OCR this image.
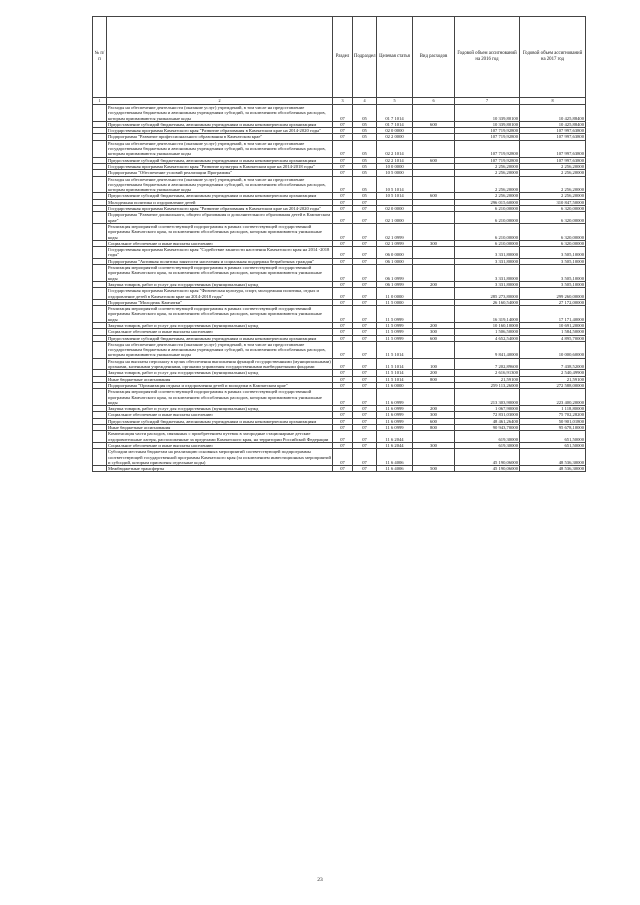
№ п/п		Раздел	Подраздел	Целевая статья	Вид расходов	Годовой объем ассигнований на 2016 год	Годовой объем ассигнований на 2017 год
1	2	3	4	5	6	7	8
	Расходы на обеспечение деятельности (оказание услуг) учреждений, в том числе на предоставление государственным бюджетным и автономным учреждениям субсидий, за исключением обособленных расходов, которым присваиваются уникальные коды	07	05	01 7 1014		10 339,80100	10 425,88400
	Предоставление субсидий бюджетным, автономным учреждениям и иным некоммерческим организациям	07	05	01 7 1014	600	10 339,80100	10 425,88400
	Государственная программа Камчатского края "Развитие образования в Камчатском крае на 2014-2020 годы"	07	05	02 0 0000		107 719,92800	107 997,63800
	Подпрограмма "Развитие профессионального образования в Камчатском крае"	07	05	02 2 0000		107 719,92800	107 997,63800
	Расходы на обеспечение деятельности (оказание услуг) учреждений, в том числе на предоставление государственным бюджетным и автономным учреждениям субсидий, за исключением обособленных расходов, которым присваиваются уникальные коды	07	05	02 2 1014		107 719,92800	107 997,63800
	Предоставление субсидий бюджетным, автономным учреждениям и иным некоммерческим организациям	07	05	02 2 1014	600	107 719,92800	107 997,63800
	Государственная программа Камчатского края "Развитие культуры в Камчатском крае на 2014-2018 годы"	07	05	10 0 0000		2 256,20000	2 256,20000
	Подпрограмма "Обеспечение условий реализации Программы"	07	05	10 5 0000		2 256,20000	2 256,20000
	Расходы на обеспечение деятельности (оказание услуг) учреждений, в том числе на предоставление государственным бюджетным и автономным учреждениям субсидий, за исключением обособленных расходов, которым присваиваются уникальные коды	07	05	10 5 1014		2 256,20000	2 256,20000
	Предоставление субсидий бюджетным, автономным учреждениям и иным некоммерческим организациям	07	05	10 5 1014	600	2 256,20000	2 256,20000
	Молодежная политика и оздоровление детей	07	07			296 015,60000	310 847,50000
	Государственная программа Камчатского края "Развитие образования в Камчатском крае на 2014-2020 годы"	07	07	02 0 0000		6 210,00000	6 320,00000
	Подпрограмма "Развитие дошкольного, общего образования и дополнительного образования детей в Камчатском крае"	07	07	02 1 0000		6 210,00000	6 320,00000
	Реализация мероприятий соответствующей подпрограммы в рамках соответствующей государственной программы Камчатского края, за исключением обособленных расходов, которым присваиваются уникальные коды	07	07	02 1 0999		6 210,00000	6 320,00000
	Социальное обеспечение и иные выплаты населению	07	07	02 1 0999	300	6 210,00000	6 320,00000
	Государственная программа Камчатского края "Содействие занятости населения Камчатского края на 2014 -2018 годы"	07	07	06 0 0000		3 331,80000	3 505,10000
	Подпрограмма "Активная политика занятости населения и социальная поддержка безработных граждан"	07	07	06 1 0000		3 331,80000	3 505,10000
	Реализация мероприятий соответствующей подпрограммы в рамках соответствующей государственной программы Камчатского края, за исключением обособленных расходов, которым присваиваются уникальные коды	07	07	06 1 0999		3 331,80000	3 505,10000
	Закупка товаров, работ и услуг для государственных (муниципальных) нужд	07	07	06 1 0999	200	3 331,80000	3 505,10000
	Государственная программа Камчатского края "Физическая культура, спорт, молодежная политика, отдых и оздоровление детей в Камчатском крае на 2014-2018 годы"	07	07	11 0 0000		285 273,80000	299 260,00000
	Подпрограмма "Молодежь Камчатки"	07	07	11 5 0000		26 160,54000	27 172,00000
	Реализация мероприятий соответствующей подпрограммы в рамках соответствующей государственной программы Камчатского края, за исключением обособленных расходов, которым присваиваются уникальные коды	07	07	11 5 0999		16 319,14000	17 171,40000
	Закупка товаров, работ и услуг для государственных (муниципальных) нужд	07	07	11 5 0999	200	10 160,10000	10 691,20000
	Социальное обеспечение и иные выплаты населению	07	07	11 5 0999	300	1 506,50000	1 584,50000
	Предоставление субсидий бюджетным, автономным учреждениям и иным некоммерческим организациям	07	07	11 5 0999	600	4 652,54000	4 895,70000
	Расходы на обеспечение деятельности (оказание услуг) учреждений, в том числе на предоставление государственным бюджетным и автономным учреждениям субсидий, за исключением обособленных расходов, которым присваиваются уникальные коды	07	07	11 5 1014		9 841,40000	10 000,60000
	Расходы на выплаты персоналу в целях обеспечения выполнения функций государственными (муниципальными) органами, казенными учреждениями, органами управления государственными внебюджетными фондами	07	07	11 5 1014	100	7 202,89600	7 438,52000
	Закупка товаров, работ и услуг для государственных (муниципальных) нужд	07	07	11 5 1014	200	2 616,91300	2 540,49900
	Иные бюджетные ассигнования	07	07	11 5 1014	800	21,59100	21,59100
	Подпрограмма "Организация отдыха и оздоровления детей и молодежи в Камчатском крае"	07	07	11 6 0000		259 113,26000	272 588,00000
	Реализация мероприятий соответствующей подпрограммы в рамках соответствующей государственной программы Камчатского края, за исключением обособленных расходов, которым присваиваются уникальные коды	07	07	11 6 0999		213 303,90000	223 400,20000
	Закупка товаров, работ и услуг для государственных (муниципальных) нужд	07	07	11 6 0999	200	1 067,90000	1 118,80000
	Социальное обеспечение и иные выплаты населению	07	07	11 6 0999	300	72 831,03000	75 702,28200
	Предоставление субсидий бюджетным, автономным учреждениям и иным некоммерческим организациям	07	07	11 6 0999	600	48 461,26400	50 901,01800
	Иные бюджетные ассигнования	07	07	11 6 0999	800	90 943,70000	95 678,10000
	Компенсация части расходов, связанных с приобретением путевок в загородные стационарные детские оздоровительные лагеря, расположенные за пределами Камчатского края, на территории Российской Федерации	07	07	11 6 2044		619,30000	651,50000
	Социальное обеспечение и иные выплаты населению	07	07	11 6 2044	300	619,30000	651,50000
	Субсидии местным бюджетам на реализацию основных мероприятий соответствующей подпрограммы соответствующей государственной программы Камчатского края (за исключением инвестиционных мероприятий и субсидий, которым присвоены отдельные коды)	07	07	11 6 4006		45 190,06000	48 536,30000
	Межбюджетные трансферты	07	07	11 6 4006	500	45 190,06000	48 536,30000
23
